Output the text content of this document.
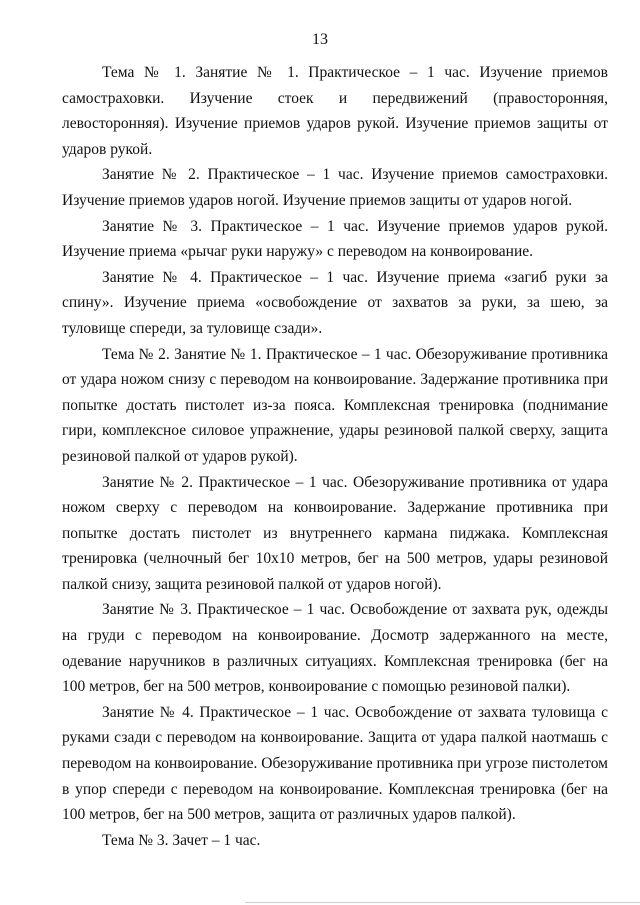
13

Тема № 1. Занятие № 1. Практическое – 1 час. Изучение приемов самостраховки. Изучение стоек и передвижений (правосторонняя, левосторонняя). Изучение приемов ударов рукой. Изучение приемов защиты от ударов рукой.

Занятие № 2. Практическое – 1 час. Изучение приемов самостраховки. Изучение приемов ударов ногой. Изучение приемов защиты от ударов ногой.

Занятие № 3. Практическое – 1 час. Изучение приемов ударов рукой. Изучение приема «рычаг руки наружу» с переводом на конвоирование.

Занятие № 4. Практическое – 1 час. Изучение приема «загиб руки за спину». Изучение приема «освобождение от захватов за руки, за шею, за туловище спереди, за туловище сзади».

Тема № 2. Занятие № 1. Практическое – 1 час. Обезоруживание противника от удара ножом снизу с переводом на конвоирование. Задержание противника при попытке достать пистолет из-за пояса. Комплексная тренировка (поднимание гири, комплексное силовое упражнение, удары резиновой палкой сверху, защита резиновой палкой от ударов рукой).

Занятие № 2. Практическое – 1 час. Обезоруживание противника от удара ножом сверху с переводом на конвоирование. Задержание противника при попытке достать пистолет из внутреннего кармана пиджака. Комплексная тренировка (челночный бег 10x10 метров, бег на 500 метров, удары резиновой палкой снизу, защита резиновой палкой от ударов ногой).

Занятие № 3. Практическое – 1 час. Освобождение от захвата рук, одежды на груди с переводом на конвоирование. Досмотр задержанного на месте, одевание наручников в различных ситуациях. Комплексная тренировка (бег на 100 метров, бег на 500 метров, конвоирование с помощью резиновой палки).

Занятие № 4. Практическое – 1 час. Освобождение от захвата туловища с руками сзади с переводом на конвоирование. Защита от удара палкой наотмашь с переводом на конвоирование. Обезоруживание противника при угрозе пистолетом в упор спереди с переводом на конвоирование. Комплексная тренировка (бег на 100 метров, бег на 500 метров, защита от различных ударов палкой).

Тема № 3. Зачет – 1 час.
